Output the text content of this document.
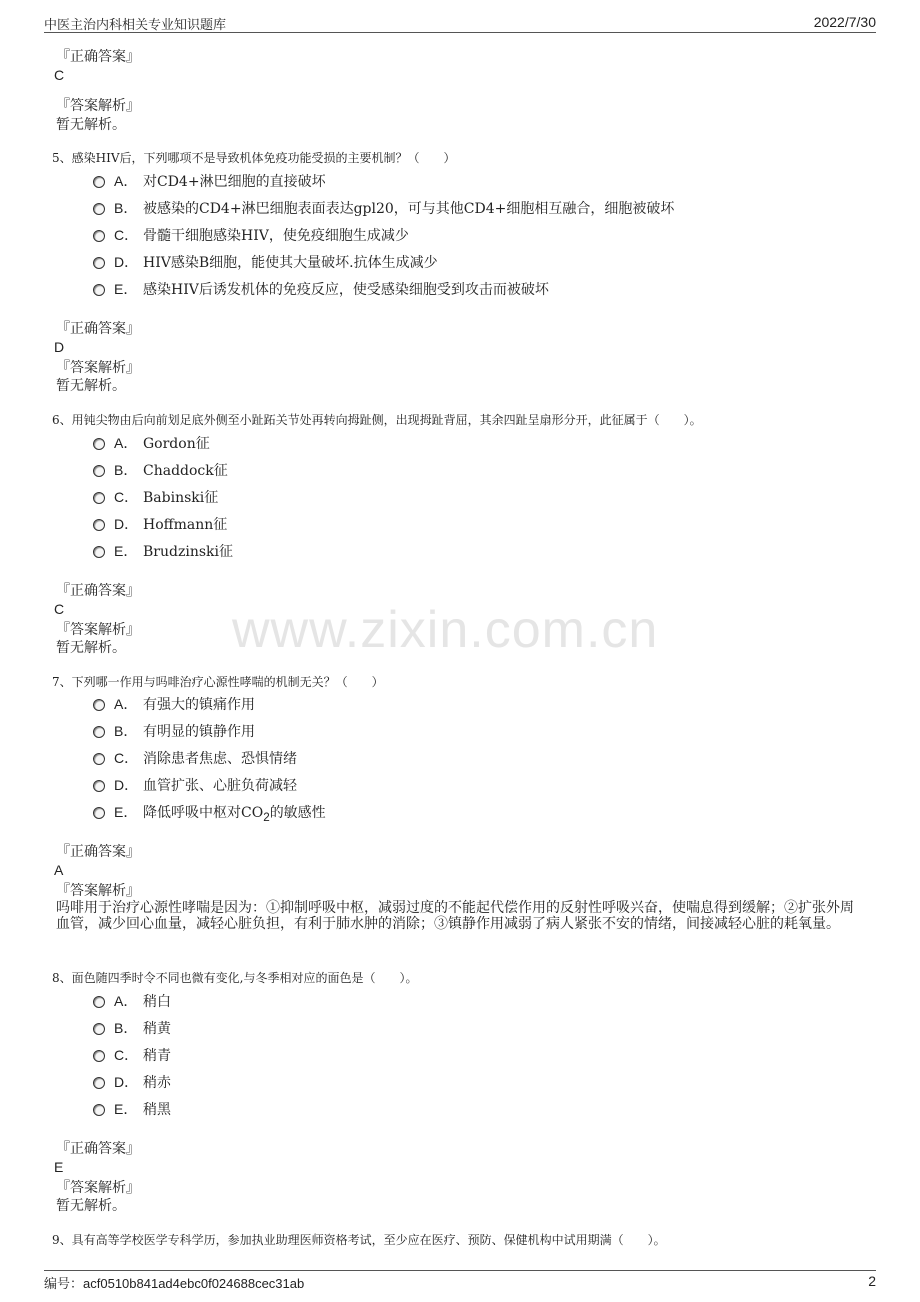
中医主治内科相关专业知识题库	2022/7/30
www.zixin.com.cn
『正确答案』
C
『答案解析』
暂无解析。
5、感染HIV后，下列哪项不是导致机体免疫功能受损的主要机制？（　　）
A． 对CD4+淋巴细胞的直接破坏
B． 被感染的CD4+淋巴细胞表面表达gpl20，可与其他CD4+细胞相互融合，细胞被破坏
C． 骨髓干细胞感染HIV，使免疫细胞生成减少
D． HIV感染B细胞，能使其大量破坏.抗体生成减少
E． 感染HIV后诱发机体的免疫反应，使受感染细胞受到攻击而被破坏
『正确答案』
D
『答案解析』
暂无解析。
6、用钝尖物由后向前划足底外侧至小趾跖关节处再转向拇趾侧，出现拇趾背屈，其余四趾呈扇形分开，此征属于（　　）。
A． Gordon征
B． Chaddock征
C． Babinski征
D． Hoffmann征
E． Brudzinski征
『正确答案』
C
『答案解析』
暂无解析。
7、下列哪一作用与吗啡治疗心源性哮喘的机制无关？（　　）
A． 有强大的镇痛作用
B． 有明显的镇静作用
C． 消除患者焦虑、恐惧情绪
D． 血管扩张、心脏负荷减轻
E． 降低呼吸中枢对$CO_2$的敏感性
『正确答案』
A
『答案解析』
吗啡用于治疗心源性哮喘是因为：①抑制呼吸中枢，减弱过度的不能起代偿作用的反射性呼吸兴奋，使喘息得到缓解；②扩张外周血管，减少回心血量，减轻心脏负担，有利于肺水肿的消除；③镇静作用减弱了病人紧张不安的情绪，间接减轻心脏的耗氧量。
8、面色随四季时令不同也微有变化,与冬季相对应的面色是（　　）。
A． 稍白
B． 稍黄
C． 稍青
D． 稍赤
E． 稍黑
『正确答案』
E
『答案解析』
暂无解析。
9、具有高等学校医学专科学历，参加执业助理医师资格考试，至少应在医疗、预防、保健机构中试用期满（　　）。
编号：acf0510b841ad4ebc0f024688cec31ab	2
